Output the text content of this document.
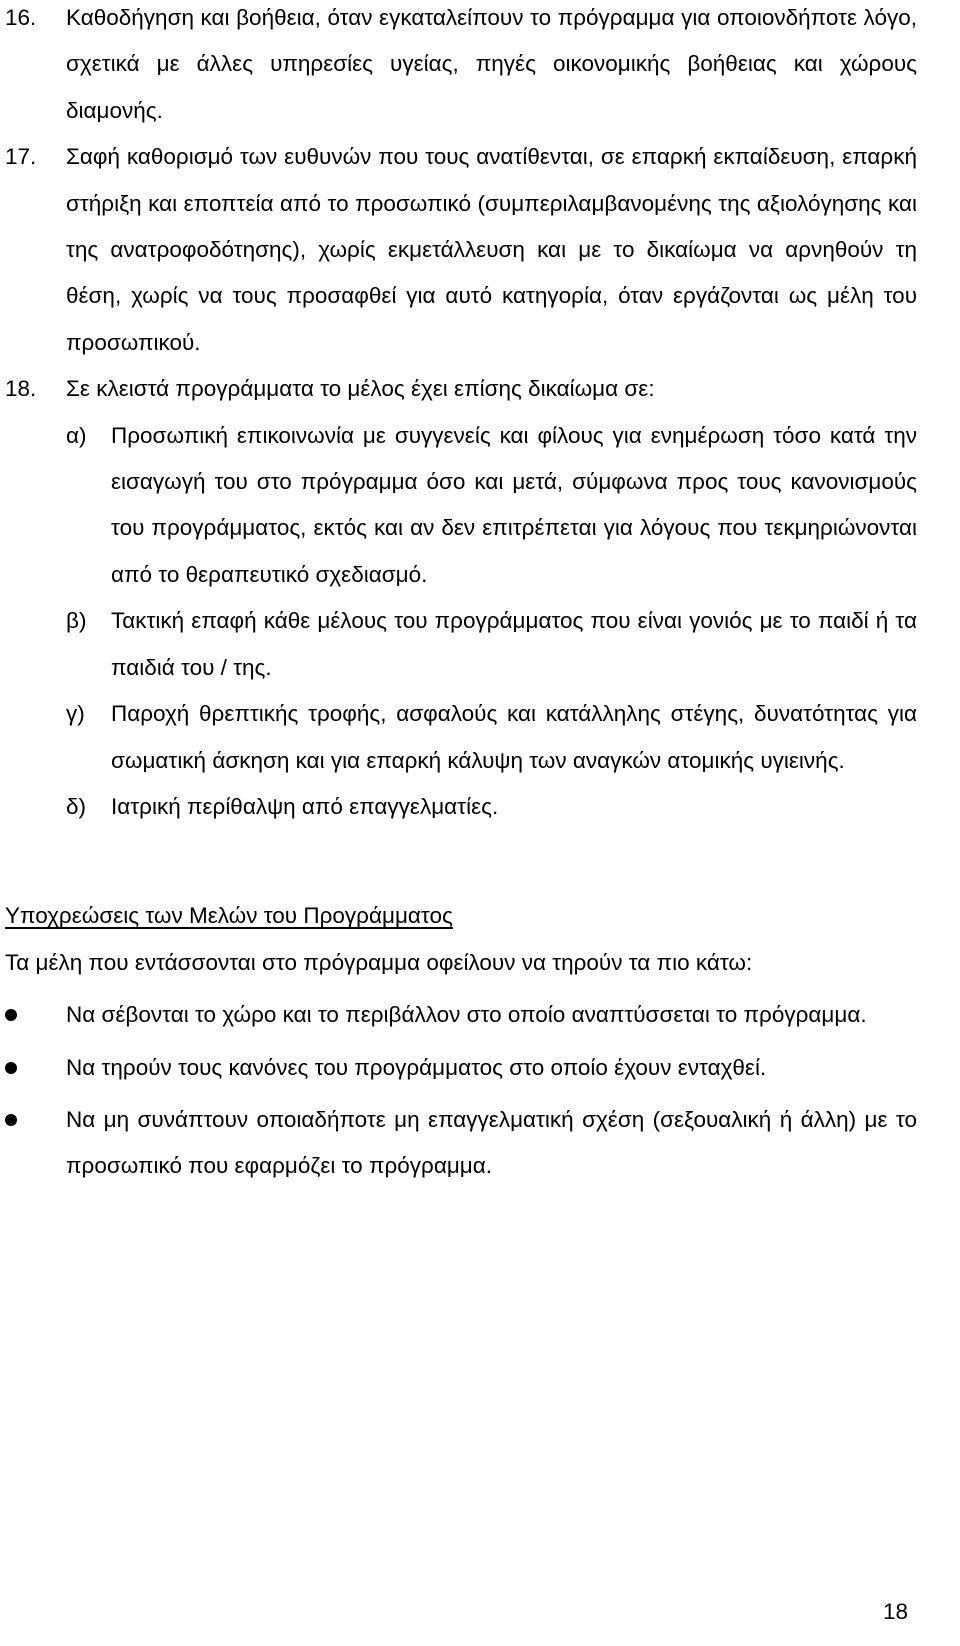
16.	Καθοδήγηση και βοήθεια, όταν εγκαταλείπουν το πρόγραμμα για οποιονδήποτε λόγο, σχετικά με άλλες υπηρεσίες υγείας, πηγές οικονομικής βοήθειας και χώρους διαμονής.
17.	Σαφή καθορισμό των ευθυνών που τους ανατίθενται, σε επαρκή εκπαίδευση, επαρκή στήριξη και εποπτεία από το προσωπικό (συμπεριλαμβανομένης της αξιολόγησης και της ανατροφοδότησης), χωρίς εκμετάλλευση και με το δικαίωμα να αρνηθούν τη θέση, χωρίς να τους προσαφθεί για αυτό κατηγορία, όταν εργάζονται ως μέλη του προσωπικού.
18.	Σε κλειστά προγράμματα το μέλος έχει επίσης δικαίωμα σε:
α)	Προσωπική επικοινωνία με συγγενείς και φίλους για ενημέρωση τόσο κατά την εισαγωγή του στο πρόγραμμα όσο και μετά, σύμφωνα προς τους κανονισμούς του προγράμματος, εκτός και αν δεν επιτρέπεται για λόγους που τεκμηριώνονται από το θεραπευτικό σχεδιασμό.
β)	Τακτική επαφή κάθε μέλους του προγράμματος που είναι γονιός με το παιδί ή τα παιδιά του / της.
γ)	Παροχή θρεπτικής τροφής, ασφαλούς και κατάλληλης στέγης, δυνατότητας για σωματική άσκηση και για επαρκή κάλυψη των αναγκών ατομικής υγιεινής.
δ)	Ιατρική περίθαλψη από επαγγελματίες.

Υποχρεώσεις των Μελών του Προγράμματος

Τα μέλη που εντάσσονται στο πρόγραμμα οφείλουν να τηρούν τα πιο κάτω:

Να σέβονται το χώρο και το περιβάλλον στο οποίο αναπτύσσεται το πρόγραμμα.
Να τηρούν τους κανόνες του προγράμματος στο οποίο έχουν ενταχθεί.
Να μη συνάπτουν οποιαδήποτε μη επαγγελματική σχέση (σεξουαλική ή άλλη) με το προσωπικό που εφαρμόζει το πρόγραμμα.
18
